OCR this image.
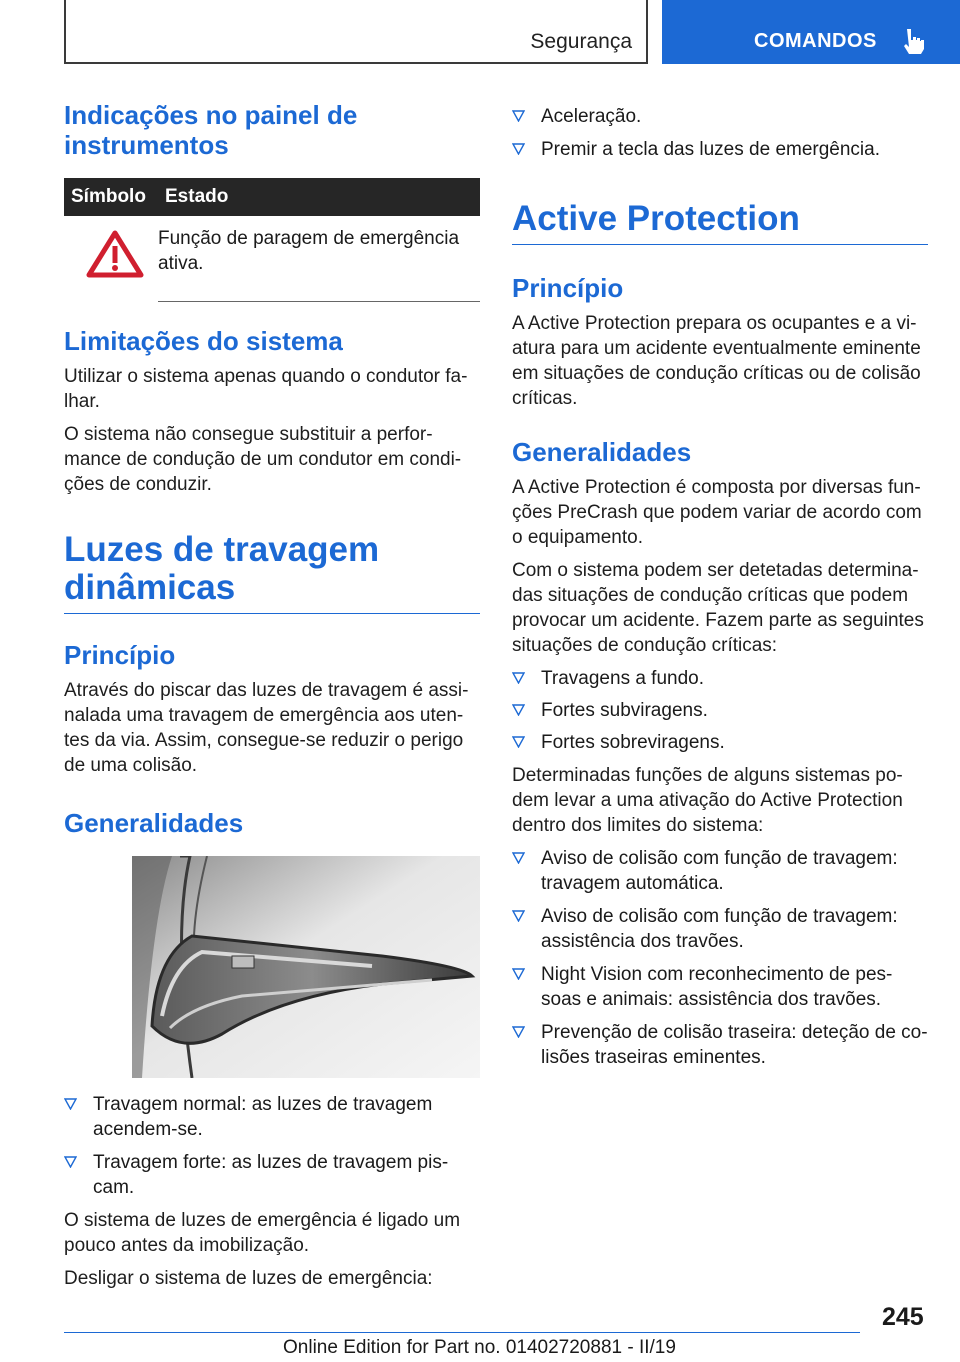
Segurança	COMANDOS
Indicações no painel de instrumentos
Símbolo	Estado
	Função de paragem de emergência ativa.
Limitações do sistema

Utilizar o sistema apenas quando o condutor fa-lhar.

O sistema não consegue substituir a perfor-mance de condução de um condutor em condi-ções de conduzir.

Luzes de travagem dinâmicas
Princípio

Através do piscar das luzes de travagem é assi-nalada uma travagem de emergência aos uten-tes da via. Assim, consegue-se reduzir o perigo de uma colisão.

Generalidades
Travagem normal: as luzes de travagem acendem-se.
Travagem forte: as luzes de travagem pis-cam.

O sistema de luzes de emergência é ligado um pouco antes da imobilização.

Desligar o sistema de luzes de emergência:

Aceleração.
Premir a tecla das luzes de emergência.
Active Protection
Princípio

A Active Protection prepara os ocupantes e a vi-atura para um acidente eventualmente eminente em situações de condução críticas ou de colisão críticas.

Generalidades

A Active Protection é composta por diversas fun-ções PreCrash que podem variar de acordo com o equipamento.

Com o sistema podem ser detetadas determina-das situações de condução críticas que podem provocar um acidente. Fazem parte as seguintes situações de condução críticas:

Travagens a fundo.
Fortes subviragens.
Fortes sobreviragens.

Determinadas funções de alguns sistemas po-dem levar a uma ativação do Active Protection dentro dos limites do sistema:

Aviso de colisão com função de travagem: travagem automática.
Aviso de colisão com função de travagem: assistência dos travões.
Night Vision com reconhecimento de pes-soas e animais: assistência dos travões.
Prevenção de colisão traseira: deteção de co-lisões traseiras eminentes.
245
Online Edition for Part no. 01402720881 - II/19
